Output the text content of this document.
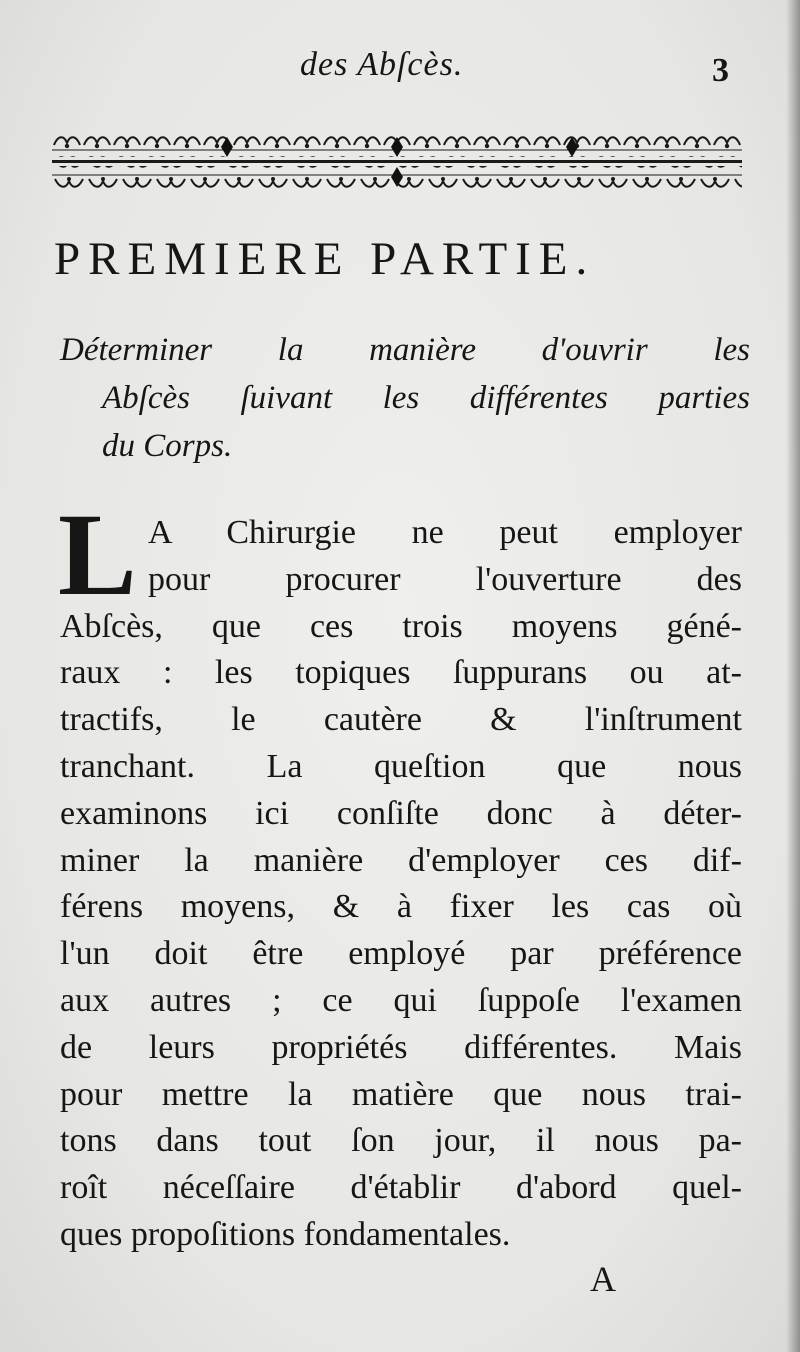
des Abſcès.	3
PREMIERE PARTIE.
Déterminer la manière d'ouvrir les
Abſcès ſuivant les différentes parties
du Corps.
L A Chirurgie ne peut employer
pour procurer l'ouverture des
Abſcès, que ces trois moyens géné-
raux : les topiques ſuppurans ou at-
tractifs, le cautère & l'inſtrument
tranchant. La queſtion que nous
examinons ici conſiſte donc à déter-
miner la manière d'employer ces dif-
férens moyens, & à fixer les cas où
l'un doit être employé par préférence
aux autres ; ce qui ſuppoſe l'examen
de leurs propriétés différentes. Mais
pour mettre la matière que nous trai-
tons dans tout ſon jour, il nous pa-
roît néceſſaire d'établir d'abord quel-
ques propoſitions fondamentales.
A
